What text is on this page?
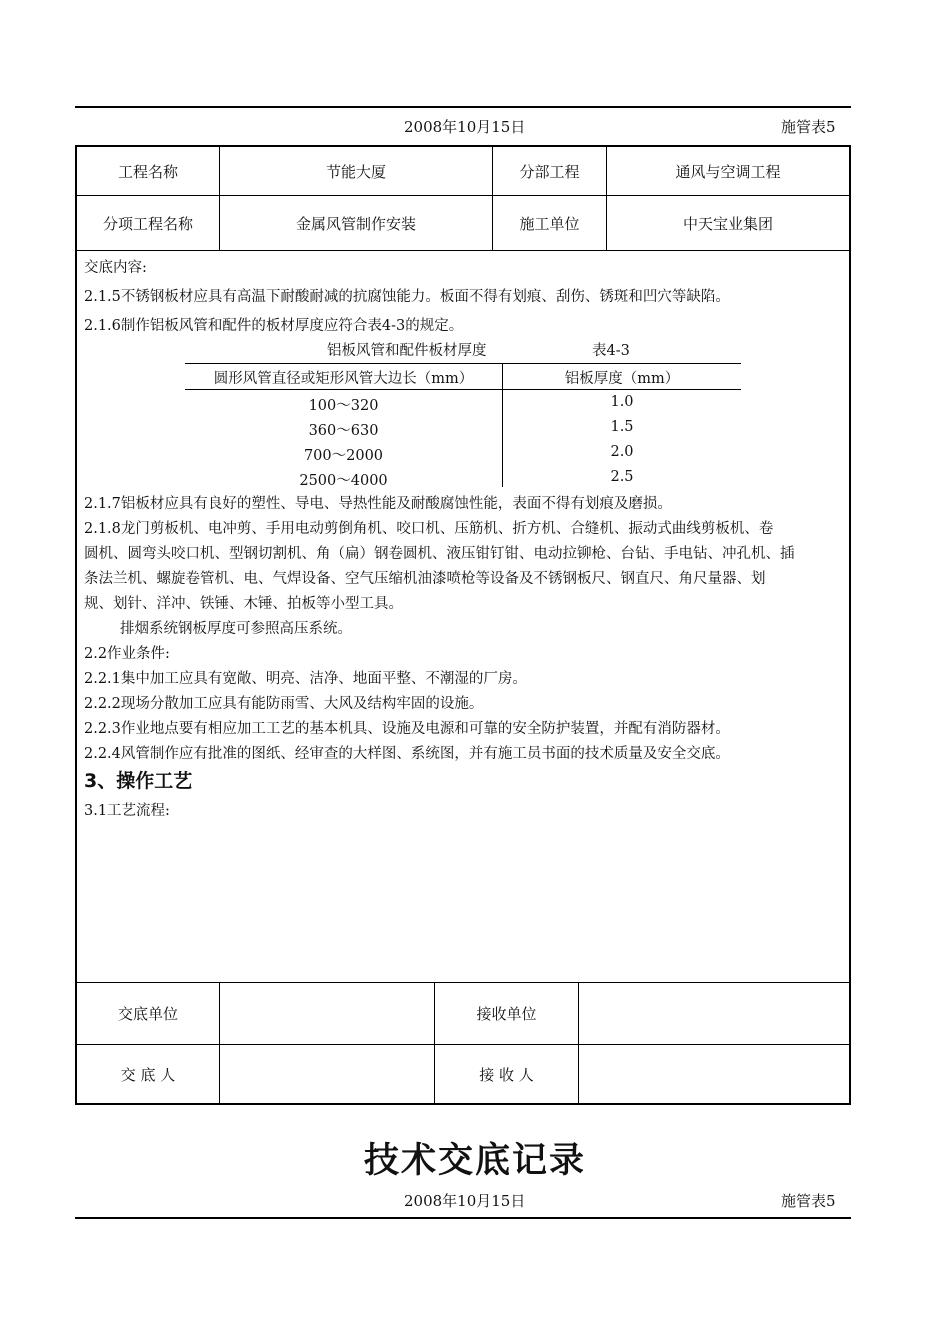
2008年10月15日	施管表5
工程名称	节能大厦	分部工程	通风与空调工程
分项工程名称	金属风管制作安装	施工单位	中天宝业集团
交底单位	接收单位
交 底 人	接 收 人
交底内容:
2.1.5不锈钢板材应具有高温下耐酸耐减的抗腐蚀能力。板面不得有划痕、刮伤、锈斑和凹穴等缺陷。
2.1.6制作铝板风管和配件的板材厚度应符合表4-3的规定。
铝板风管和配件板材厚度	表4-3
圆形风管直径或矩形风管大边长（mm）	铝板厚度（mm）
100～320	1.0
360～630	1.5
700～2000	2.0
2500～4000	2.5
2.1.7铝板材应具有良好的塑性、导电、导热性能及耐酸腐蚀性能，表面不得有划痕及磨损。
2.1.8龙门剪板机、电冲剪、手用电动剪倒角机、咬口机、压筋机、折方机、合缝机、振动式曲线剪板机、卷
圆机、圆弯头咬口机、型钢切割机、角（扁）钢卷圆机、液压钳钉钳、电动拉铆枪、台钻、手电钻、冲孔机、插
条法兰机、螺旋卷管机、电、气焊设备、空气压缩机油漆喷枪等设备及不锈钢板尺、钢直尺、角尺量器、划
规、划针、洋冲、铁锤、木锤、拍板等小型工具。
排烟系统钢板厚度可参照高压系统。
2.2作业条件:
2.2.1集中加工应具有宽敞、明亮、洁净、地面平整、不潮湿的厂房。
2.2.2现场分散加工应具有能防雨雪、大风及结构牢固的设施。
2.2.3作业地点要有相应加工工艺的基本机具、设施及电源和可靠的安全防护装置，并配有消防器材。
2.2.4风管制作应有批准的图纸、经审查的大样图、系统图，并有施工员书面的技术质量及安全交底。
3、操作工艺
3.1工艺流程:
技术交底记录
2008年10月15日	施管表5
